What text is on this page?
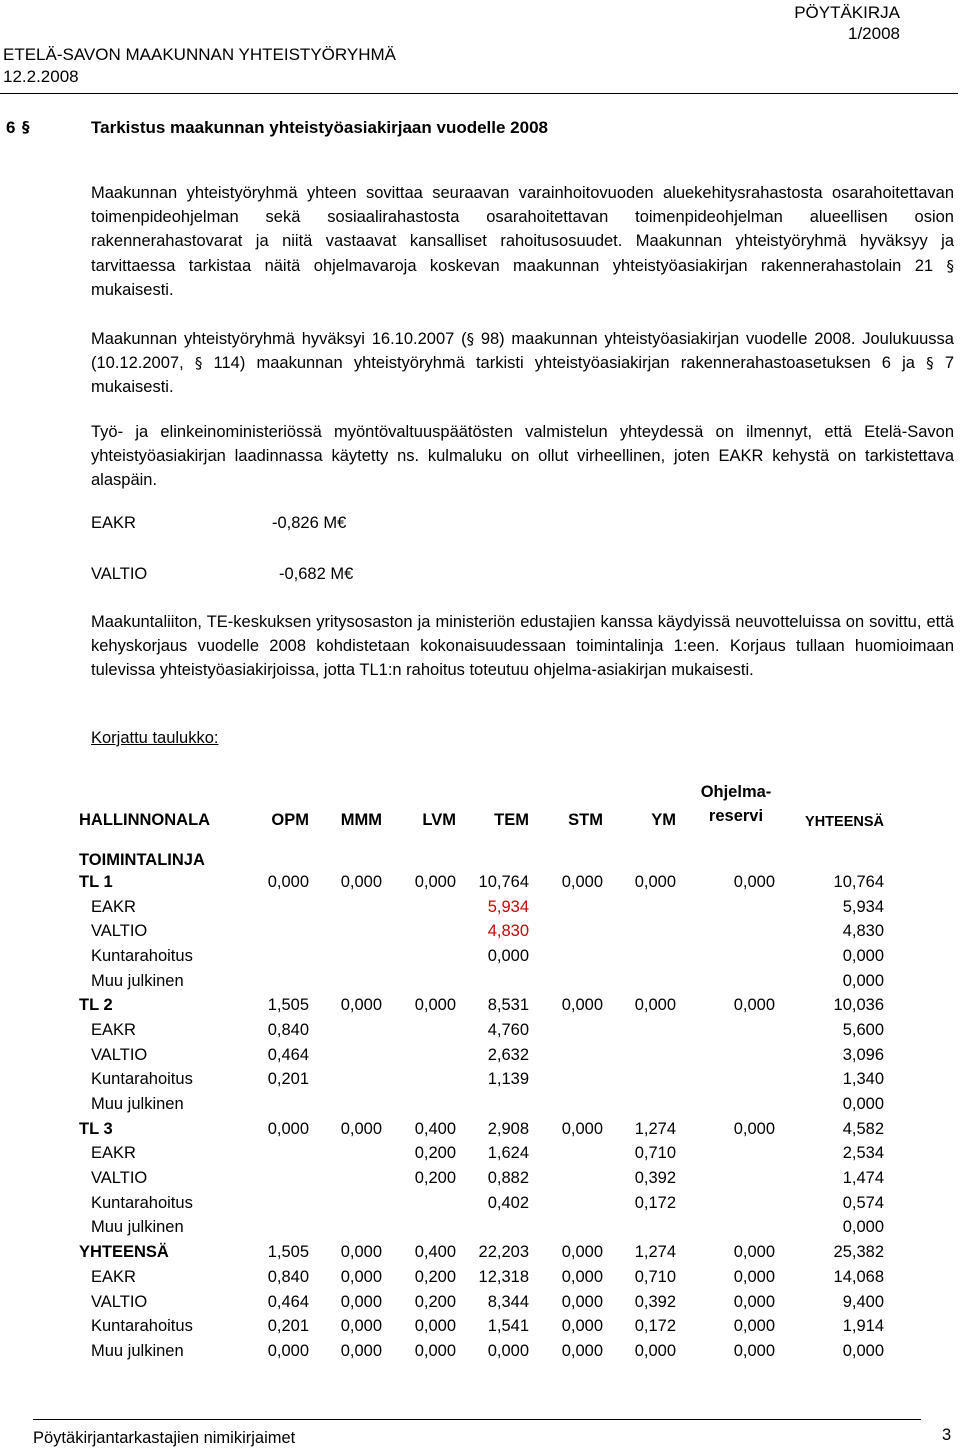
PÖYTÄKIRJA
1/2008
ETELÄ-SAVON MAAKUNNAN YHTEISTYÖRYHMÄ
12.2.2008
6 §	Tarkistus maakunnan yhteistyöasiakirjaan vuodelle 2008
Maakunnan yhteistyöryhmä yhteen sovittaa seuraavan varainhoitovuoden aluekehitysrahastosta osarahoitettavan toimenpideohjelman sekä sosiaalirahastosta osarahoitettavan toimenpideohjelman alueellisen osion rakennerahastovarat ja niitä vastaavat kansalliset rahoitusosuudet. Maakunnan yhteistyöryhmä hyväksyy ja tarvittaessa tarkistaa näitä ohjelmavaroja koskevan maakunnan yhteistyöasiakirjan rakennerahastolain 21 § mukaisesti.
Maakunnan yhteistyöryhmä hyväksyi 16.10.2007 (§ 98) maakunnan yhteistyöasiakirjan vuodelle 2008. Joulukuussa (10.12.2007, § 114) maakunnan yhteistyöryhmä tarkisti yhteistyöasiakirjan rakennerahastoasetuksen 6 ja § 7 mukaisesti.
Työ- ja elinkeinoministeriössä myöntövaltuuspäätösten valmistelun yhteydessä on ilmennyt, että Etelä-Savon yhteistyöasiakirjan laadinnassa käytetty ns. kulmaluku on ollut virheellinen, joten EAKR kehystä on tarkistettava alaspäin.
EAKR	-0,826 M€
VALTIO	-0,682 M€
Maakuntaliiton, TE-keskuksen yritysosaston ja ministeriön edustajien kanssa käydyissä neuvotteluissa on sovittu, että kehyskorjaus vuodelle 2008 kohdistetaan kokonaisuudessaan toimintalinja 1:een. Korjaus tullaan huomioimaan tulevissa yhteistyöasiakirjoissa, jotta TL1:n rahoitus toteutuu ohjelma-asiakirjan mukaisesti.
Korjattu taulukko:
HALLINNONALA	OPM	MMM	LVM	TEM	STM	YM	Ohjelma-reservi	YHTEENSÄ
TOIMINTALINJA								
TL 1	0,000	0,000	0,000	10,764	0,000	0,000	0,000	10,764
EAKR				5,934				5,934
VALTIO				4,830				4,830
Kuntarahoitus				0,000				0,000
Muu julkinen								0,000
TL 2	1,505	0,000	0,000	8,531	0,000	0,000	0,000	10,036
EAKR	0,840			4,760				5,600
VALTIO	0,464			2,632				3,096
Kuntarahoitus	0,201			1,139				1,340
Muu julkinen								0,000
TL 3	0,000	0,000	0,400	2,908	0,000	1,274	0,000	4,582
EAKR			0,200	1,624		0,710		2,534
VALTIO			0,200	0,882		0,392		1,474
Kuntarahoitus				0,402		0,172		0,574
Muu julkinen								0,000
YHTEENSÄ	1,505	0,000	0,400	22,203	0,000	1,274	0,000	25,382
EAKR	0,840	0,000	0,200	12,318	0,000	0,710	0,000	14,068
VALTIO	0,464	0,000	0,200	8,344	0,000	0,392	0,000	9,400
Kuntarahoitus	0,201	0,000	0,000	1,541	0,000	0,172	0,000	1,914
Muu julkinen	0,000	0,000	0,000	0,000	0,000	0,000	0,000	0,000
Pöytäkirjantarkastajien nimikirjaimet	3
